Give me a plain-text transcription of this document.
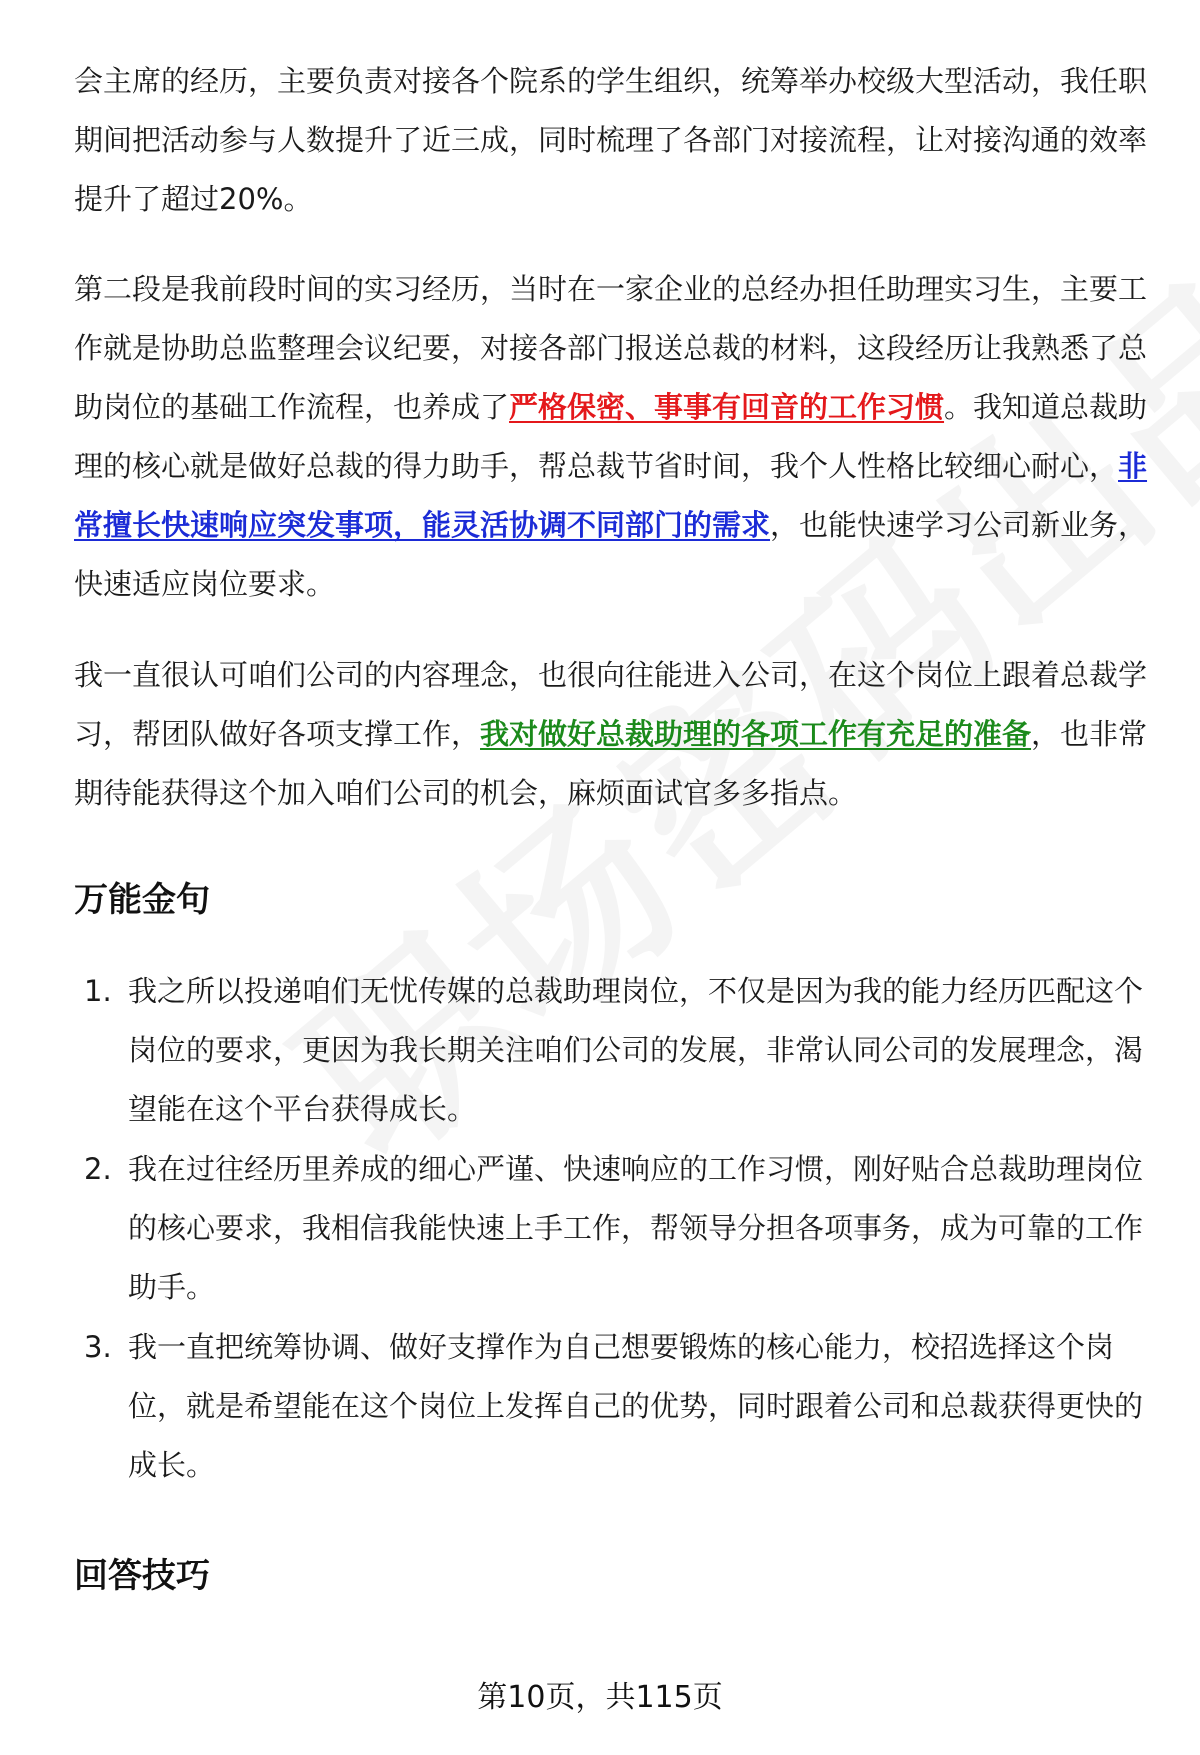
会主席的经历，主要负责对接各个院系的学生组织，统筹举办校级大型活动，我任职期间把活动参与人数提升了近三成，同时梳理了各部门对接流程，让对接沟通的效率提升了超过20%。

第二段是我前段时间的实习经历，当时在一家企业的总经办担任助理实习生，主要工作就是协助总监整理会议纪要，对接各部门报送总裁的材料，这段经历让我熟悉了总助岗位的基础工作流程，也养成了严格保密、事事有回音的工作习惯。我知道总裁助理的核心就是做好总裁的得力助手，帮总裁节省时间，我个人性格比较细心耐心，非常擅长快速响应突发事项，能灵活协调不同部门的需求，也能快速学习公司新业务，快速适应岗位要求。

我一直很认可咱们公司的内容理念，也很向往能进入公司，在这个岗位上跟着总裁学习，帮团队做好各项支撑工作，我对做好总裁助理的各项工作有充足的准备，也非常期待能获得这个加入咱们公司的机会，麻烦面试官多多指点。

万能金句
1. 我之所以投递咱们无忧传媒的总裁助理岗位，不仅是因为我的能力经历匹配这个岗位的要求，更因为我长期关注咱们公司的发展，非常认同公司的发展理念，渴望能在这个平台获得成长。
2. 我在过往经历里养成的细心严谨、快速响应的工作习惯，刚好贴合总裁助理岗位的核心要求，我相信我能快速上手工作，帮领导分担各项事务，成为可靠的工作助手。
3. 我一直把统筹协调、做好支撑作为自己想要锻炼的核心能力，校招选择这个岗位，就是希望能在这个岗位上发挥自己的优势，同时跟着公司和总裁获得更快的成长。
回答技巧
第10页，共115页
